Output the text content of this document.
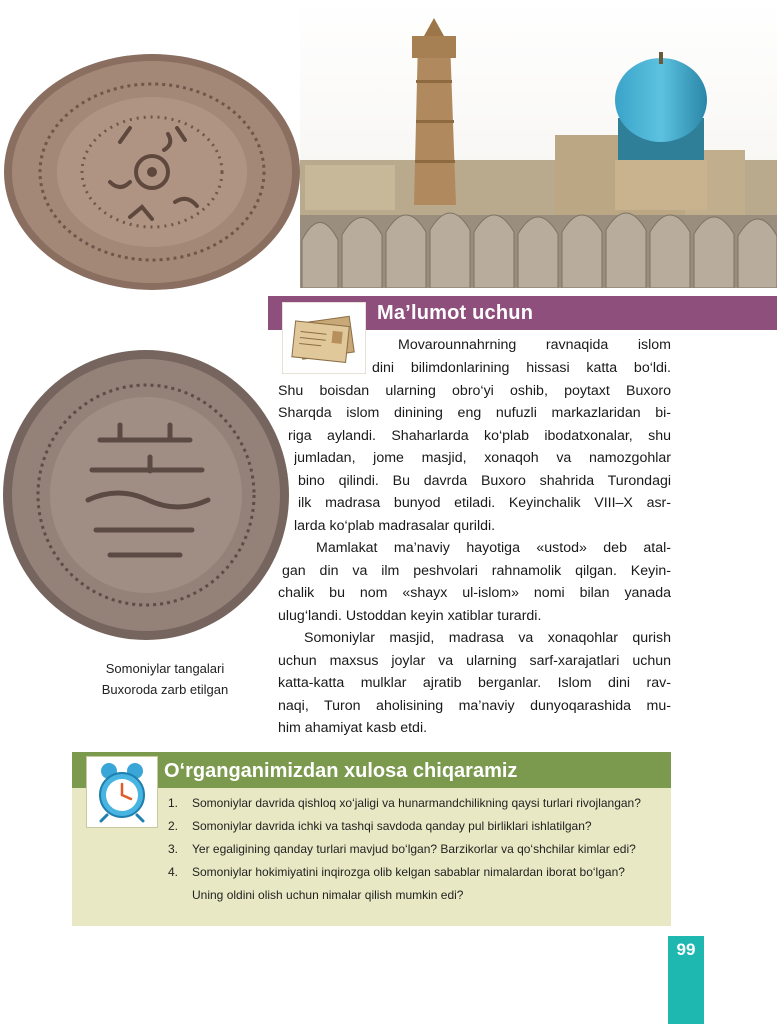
Somoniylar tangalari
Buxoroda zarb etilgan
Ma’lumot uchun
Movarounnahrning ravnaqida islom
dini bilimdonlarining hissasi katta bo‘ldi.
Shu boisdan ularning obro‘yi oshib, poytaxt Buxoro
Sharqda islom dinining eng nufuzli markazlaridan bi-
riga aylandi. Shaharlarda ko‘plab ibodatxonalar, shu
jumladan, jome masjid, xonaqoh va namozgohlar
bino qilindi. Bu davrda Buxoro shahrida Turondagi
ilk madrasa bunyod etiladi. Keyinchalik VIII–X asr-
larda ko‘plab madrasalar qurildi.
Mamlakat ma’naviy hayotiga «ustod» deb atal-
gan din va ilm peshvolari rahnamolik qilgan. Keyin-
chalik bu nom «shayx ul-islom» nomi bilan yanada
ulug‘landi. Ustoddan keyin xatiblar turardi.
Somoniylar masjid, madrasa va xonaqohlar qurish
uchun maxsus joylar va ularning sarf-xarajatlari uchun
katta-katta mulklar ajratib berganlar. Islom dini rav-
naqi, Turon aholisining ma’naviy dunyoqarashida mu-
him ahamiyat kasb etdi.
O‘rganganimizdan xulosa chiqaramiz
1. Somoniylar davrida qishloq xo‘jaligi va hunarmandchilikning qaysi turlari rivojlangan?
2. Somoniylar davrida ichki va tashqi savdoda qanday pul birliklari ishlatilgan?
3. Yer egaligining qanday turlari mavjud bo‘lgan? Barzikorlar va qo‘shchilar kimlar edi?
4. Somoniylar hokimiyatini inqirozga olib kelgan sabablar nimalardan iborat bo‘lgan?
Uning oldini olish uchun nimalar qilish mumkin edi?
99
